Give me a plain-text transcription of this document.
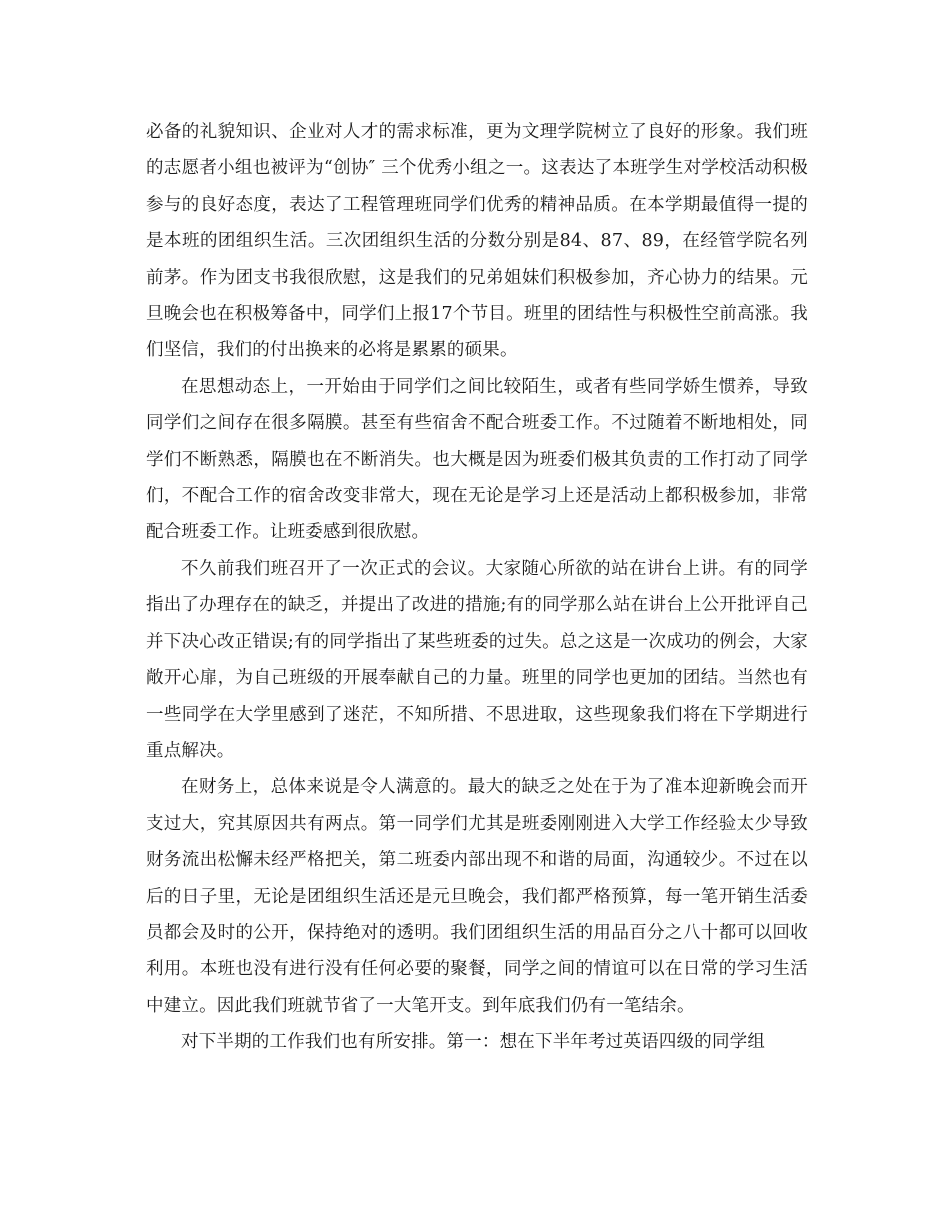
必备的礼貌知识、企业对人才的需求标准，更为文理学院树立了良好的形象。我们班的志愿者小组也被评为“创协″ 三个优秀小组之一。这表达了本班学生对学校活动积极参与的良好态度，表达了工程管理班同学们优秀的精神品质。在本学期最值得一提的是本班的团组织生活。三次团组织生活的分数分别是84、87、89，在经管学院名列前茅。作为团支书我很欣慰，这是我们的兄弟姐妹们积极参加，齐心协力的结果。元旦晚会也在积极筹备中，同学们上报17个节目。班里的团结性与积极性空前高涨。我们坚信，我们的付出换来的必将是累累的硕果。

在思想动态上，一开始由于同学们之间比较陌生，或者有些同学娇生惯养，导致同学们之间存在很多隔膜。甚至有些宿舍不配合班委工作。不过随着不断地相处，同学们不断熟悉，隔膜也在不断消失。也大概是因为班委们极其负责的工作打动了同学们，不配合工作的宿舍改变非常大，现在无论是学习上还是活动上都积极参加，非常配合班委工作。让班委感到很欣慰。

不久前我们班召开了一次正式的会议。大家随心所欲的站在讲台上讲。有的同学指出了办理存在的缺乏，并提出了改进的措施;有的同学那么站在讲台上公开批评自己并下决心改正错误;有的同学指出了某些班委的过失。总之这是一次成功的例会，大家敞开心扉，为自己班级的开展奉献自己的力量。班里的同学也更加的团结。当然也有一些同学在大学里感到了迷茫，不知所措、不思进取，这些现象我们将在下学期进行重点解决。

在财务上，总体来说是令人满意的。最大的缺乏之处在于为了准本迎新晚会而开支过大，究其原因共有两点。第一同学们尤其是班委刚刚进入大学工作经验太少导致财务流出松懈未经严格把关，第二班委内部出现不和谐的局面，沟通较少。不过在以后的日子里，无论是团组织生活还是元旦晚会，我们都严格预算，每一笔开销生活委员都会及时的公开，保持绝对的透明。我们团组织生活的用品百分之八十都可以回收利用。本班也没有进行没有任何必要的聚餐，同学之间的情谊可以在日常的学习生活中建立。因此我们班就节省了一大笔开支。到年底我们仍有一笔结余。

对下半期的工作我们也有所安排。第一：想在下半年考过英语四级的同学组
